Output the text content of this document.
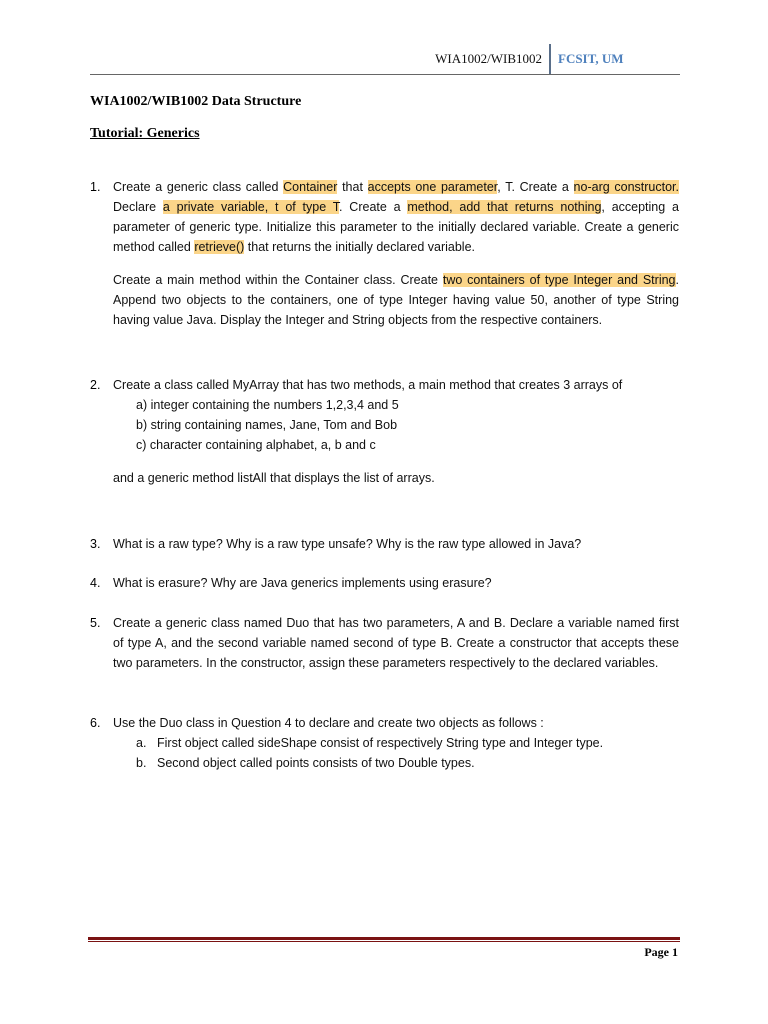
WIA1002/WIB1002 FCSIT, UM
WIA1002/WIB1002 Data Structure
Tutorial: Generics
1. Create a generic class called Container that accepts one parameter, T. Create a no-arg constructor. Declare a private variable, t of type T. Create a method, add that returns nothing, accepting a parameter of generic type. Initialize this parameter to the initially declared variable. Create a generic method called retrieve() that returns the initially declared variable.

Create a main method within the Container class. Create two containers of type Integer and String. Append two objects to the containers, one of type Integer having value 50, another of type String having value Java. Display the Integer and String objects from the respective containers.

2. Create a class called MyArray that has two methods, a main method that creates 3 arrays of

a) integer containing the numbers 1,2,3,4 and 5
b) string containing names, Jane, Tom and Bob
c) character containing alphabet, a, b and c

and a generic method listAll that displays the list of arrays.

3. What is a raw type? Why is a raw type unsafe? Why is the raw type allowed in Java?

4. What is erasure? Why are Java generics implements using erasure?

5. Create a generic class named Duo that has two parameters, A and B. Declare a variable named first of type A, and the second variable named second of type B. Create a constructor that accepts these two parameters. In the constructor, assign these parameters respectively to the declared variables.

6. Use the Duo class in Question 4 to declare and create two objects as follows :

a. First object called sideShape consist of respectively String type and Integer type.
b. Second object called points consists of two Double types.
Page 1
